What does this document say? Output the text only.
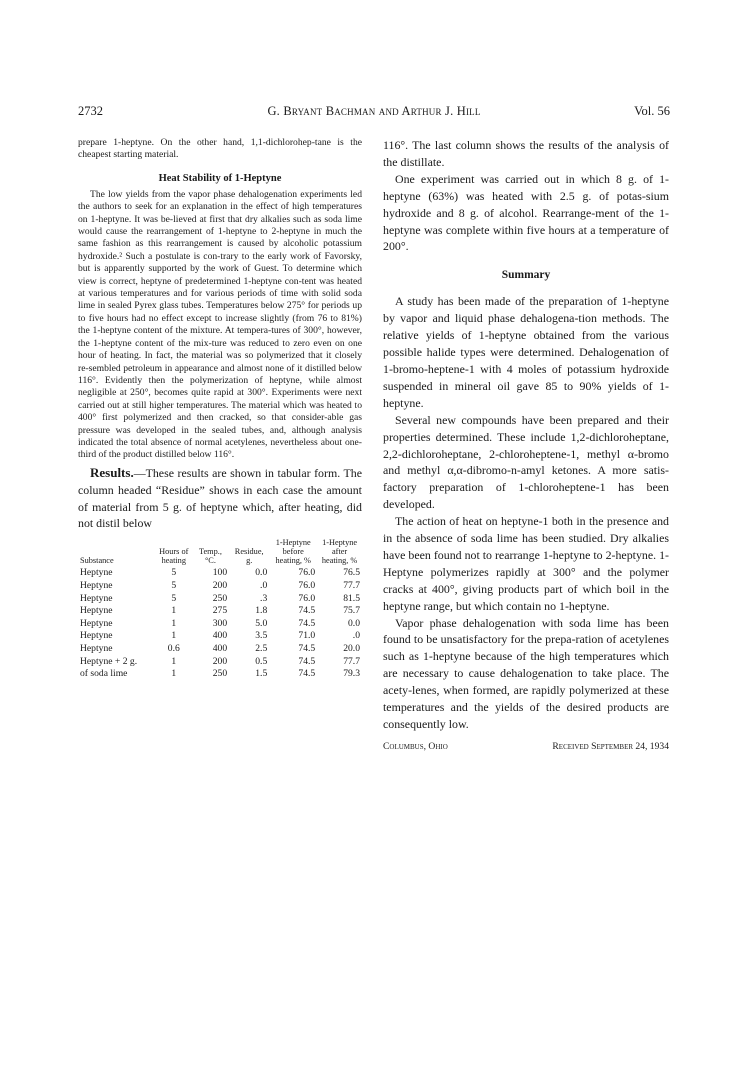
2732	G. Bryant Bachman and Arthur J. Hill	Vol. 56

prepare 1-heptyne. On the other hand, 1,1-dichlorohep-tane is the cheapest starting material.

Heat Stability of 1-Heptyne

The low yields from the vapor phase dehalogenation experiments led the authors to seek for an explanation in the effect of high temperatures on 1-heptyne. It was be-lieved at first that dry alkalies such as soda lime would cause the rearrangement of 1-heptyne to 2-heptyne in much the same fashion as this rearrangement is caused by alcoholic potassium hydroxide.² Such a postulate is con-trary to the early work of Favorsky, but is apparently supported by the work of Guest. To determine which view is correct, heptyne of predetermined 1-heptyne con-tent was heated at various temperatures and for various periods of time with solid soda lime in sealed Pyrex glass tubes. Temperatures below 275° for periods up to five hours had no effect except to increase slightly (from 76 to 81%) the 1-heptyne content of the mixture. At tempera-tures of 300°, however, the 1-heptyne content of the mix-ture was reduced to zero even on one hour of heating. In fact, the material was so polymerized that it closely re-sembled petroleum in appearance and almost none of it distilled below 116°. Evidently then the polymerization of heptyne, while almost negligible at 250°, becomes quite rapid at 300°. Experiments were next carried out at still higher temperatures. The material which was heated to 400° first polymerized and then cracked, so that consider-able gas pressure was developed in the sealed tubes, and, although analysis indicated the total absence of normal acetylenes, nevertheless about one-third of the product distilled below 116°.

Results.—These results are shown in tabular form. The column headed “Residue” shows in each case the amount of material from 5 g. of heptyne which, after heating, did not distil below

Substance	Hours of heating	Temp., °C.	Residue, g.	1-Heptyne before heating, %	1-Heptyne after heating, %
Heptyne	5	100	0.0	76.0	76.5
Heptyne	5	200	.0	76.0	77.7
Heptyne	5	250	.3	76.0	81.5
Heptyne	1	275	1.8	74.5	75.7
Heptyne	1	300	5.0	74.5	0.0
Heptyne	1	400	3.5	71.0	.0
Heptyne	0.6	400	2.5	74.5	20.0
Heptyne + 2 g.	1	200	0.5	74.5	77.7
of soda lime	1	250	1.5	74.5	79.3

116°. The last column shows the results of the analysis of the distillate.

One experiment was carried out in which 8 g. of 1-heptyne (63%) was heated with 2.5 g. of potas-sium hydroxide and 8 g. of alcohol. Rearrange-ment of the 1-heptyne was complete within five hours at a temperature of 200°.

Summary

A study has been made of the preparation of 1-heptyne by vapor and liquid phase dehalogena-tion methods. The relative yields of 1-heptyne obtained from the various possible halide types were determined. Dehalogenation of 1-bromo-heptene-1 with 4 moles of potassium hydroxide suspended in mineral oil gave 85 to 90% yields of 1-heptyne.

Several new compounds have been prepared and their properties determined. These include 1,2-dichloroheptane, 2,2-dichloroheptane, 2-chloroheptene-1, methyl α-bromo and methyl α,α-dibromo-n-amyl ketones. A more satis-factory preparation of 1-chloroheptene-1 has been developed.

The action of heat on heptyne-1 both in the presence and in the absence of soda lime has been studied. Dry alkalies have been found not to rearrange 1-heptyne to 2-heptyne. 1-Heptyne polymerizes rapidly at 300° and the polymer cracks at 400°, giving products part of which boil in the heptyne range, but which contain no 1-heptyne.

Vapor phase dehalogenation with soda lime has been found to be unsatisfactory for the prepa-ration of acetylenes such as 1-heptyne because of the high temperatures which are necessary to cause dehalogenation to take place. The acety-lenes, when formed, are rapidly polymerized at these temperatures and the yields of the desired products are consequently low.

Columbus, Ohio	Received September 24, 1934
